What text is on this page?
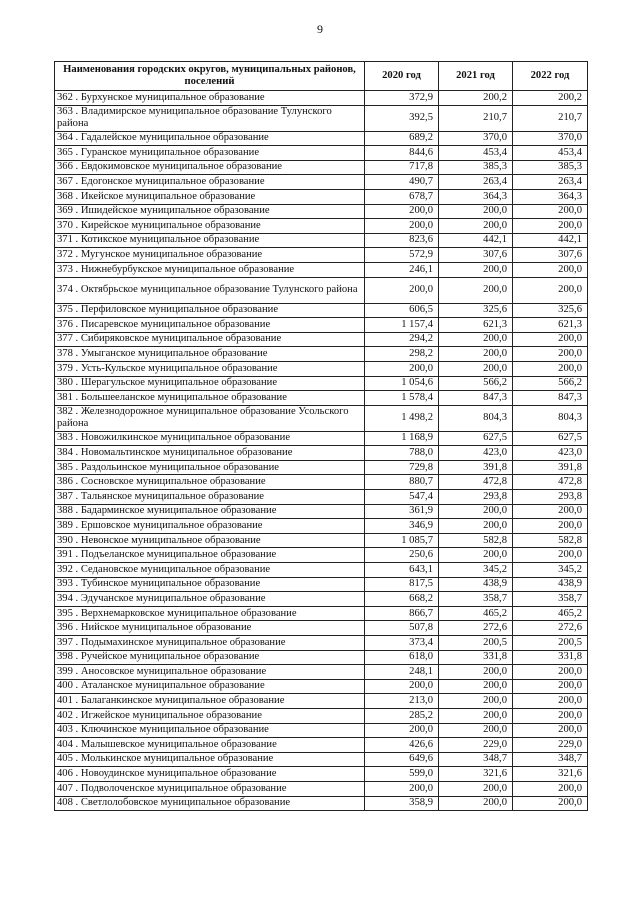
9
Наименования городских округов, муниципальных районов, поселений	2020 год	2021 год	2022 год
362 . Бурхунское муниципальное образование	372,9	200,2	200,2
363 . Владимирское муниципальное образование Тулунского района	392,5	210,7	210,7
364 . Гадалейское муниципальное образование	689,2	370,0	370,0
365 . Гуранское муниципальное образование	844,6	453,4	453,4
366 . Евдокимовское муниципальное образование	717,8	385,3	385,3
367 . Едогонское муниципальное образование	490,7	263,4	263,4
368 . Икейское муниципальное образование	678,7	364,3	364,3
369 . Ишидейское муниципальное образование	200,0	200,0	200,0
370 . Кирейское муниципальное образование	200,0	200,0	200,0
371 . Котикское муниципальное образование	823,6	442,1	442,1
372 . Мугунское муниципальное образование	572,9	307,6	307,6
373 . Нижнебурбукское муниципальное образование	246,1	200,0	200,0
374 . Октябрьское муниципальное образование Тулунского района	200,0	200,0	200,0
375 . Перфиловское муниципальное образование	606,5	325,6	325,6
376 . Писаревское муниципальное образование	1 157,4	621,3	621,3
377 . Сибиряковское муниципальное образование	294,2	200,0	200,0
378 . Умыганское муниципальное образование	298,2	200,0	200,0
379 . Усть-Кульское муниципальное образование	200,0	200,0	200,0
380 . Шерагульское муниципальное образование	1 054,6	566,2	566,2
381 . Большееланское муниципальное образование	1 578,4	847,3	847,3
382 . Железнодорожное муниципальное образование Усольского района	1 498,2	804,3	804,3
383 . Новожилкинское муниципальное образование	1 168,9	627,5	627,5
384 . Новомальтинское муниципальное образование	788,0	423,0	423,0
385 . Раздольинское муниципальное образование	729,8	391,8	391,8
386 . Сосновское муниципальное образование	880,7	472,8	472,8
387 . Тальянское муниципальное образование	547,4	293,8	293,8
388 . Бадарминское муниципальное образование	361,9	200,0	200,0
389 . Ершовское муниципальное образование	346,9	200,0	200,0
390 . Невонское муниципальное образование	1 085,7	582,8	582,8
391 . Подъеланское муниципальное образование	250,6	200,0	200,0
392 . Седановское муниципальное образование	643,1	345,2	345,2
393 . Тубинское муниципальное образование	817,5	438,9	438,9
394 . Эдучанское муниципальное образование	668,2	358,7	358,7
395 . Верхнемарковское муниципальное образование	866,7	465,2	465,2
396 . Нийское муниципальное образование	507,8	272,6	272,6
397 . Подымахинское муниципальное образование	373,4	200,5	200,5
398 . Ручейское муниципальное образование	618,0	331,8	331,8
399 . Аносовское муниципальное образование	248,1	200,0	200,0
400 . Аталанское муниципальное образование	200,0	200,0	200,0
401 . Балаганкинское муниципальное образование	213,0	200,0	200,0
402 . Игжейское муниципальное образование	285,2	200,0	200,0
403 . Ключинское муниципальное образование	200,0	200,0	200,0
404 . Малышевское муниципальное образование	426,6	229,0	229,0
405 . Молькинское муниципальное образование	649,6	348,7	348,7
406 . Новоудинское муниципальное образование	599,0	321,6	321,6
407 . Подволоченское муниципальное образование	200,0	200,0	200,0
408 . Светлолобовское муниципальное образование	358,9	200,0	200,0
